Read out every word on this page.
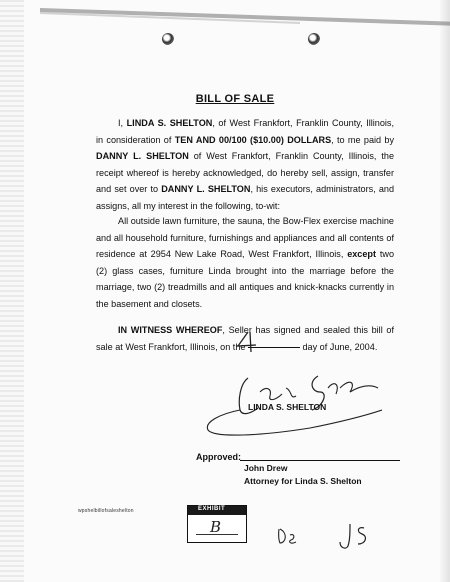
BILL OF SALE
I, LINDA S. SHELTON, of West Frankfort, Franklin County, Illinois, in consideration of TEN AND 00/100 ($10.00) DOLLARS, to me paid by DANNY L. SHELTON of West Frankfort, Franklin County, Illinois, the receipt whereof is hereby acknowledged, do hereby sell, assign, transfer and set over to DANNY L. SHELTON, his executors, administrators, and assigns, all my interest in the following, to-wit:
All outside lawn furniture, the sauna, the Bow-Flex exercise machine and all household furniture, furnishings and appliances and all contents of residence at 2954 New Lake Road, West Frankfort, Illinois, except two (2) glass cases, furniture Linda brought into the marriage before the marriage, two (2) treadmills and all antiques and knick-knacks currently in the basement and closets.
IN WITNESS WHEREOF, Seller has signed and sealed this bill of sale at West Frankfort, Illinois, on the	day of June, 2004.
LINDA S. SHELTON
Approved:
John Drew
Attorney for Linda S. Shelton
wpshelbillofsaleshelton	EXHIBIT
B
